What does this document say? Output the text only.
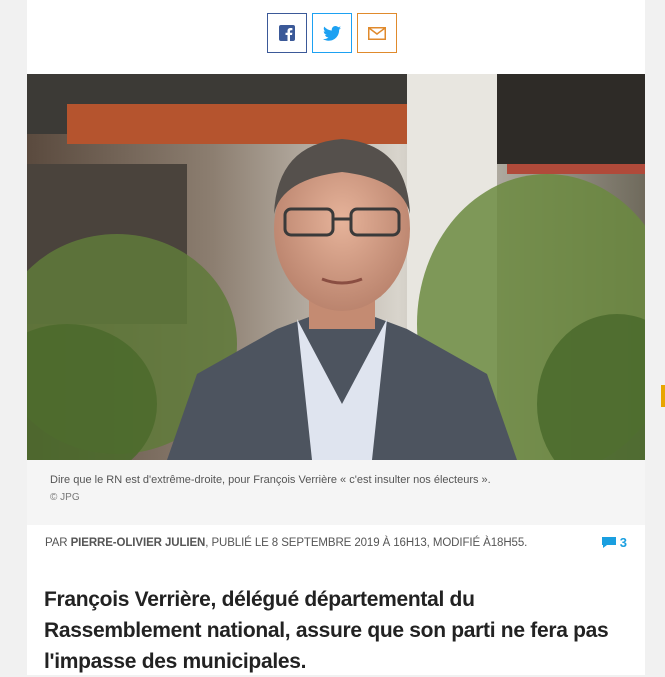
Dire que le RN est d'extrême-droite, pour François Verrière « c'est insulter nos électeurs ».
© JPG
PAR PIERRE-OLIVIER JULIEN, PUBLIÉ LE 8 SEPTEMBRE 2019 À 16H13, MODIFIÉ À18H55.	3
François Verrière, délégué départemental du Rassemblement national, assure que son parti ne fera pas l'impasse des municipales.
